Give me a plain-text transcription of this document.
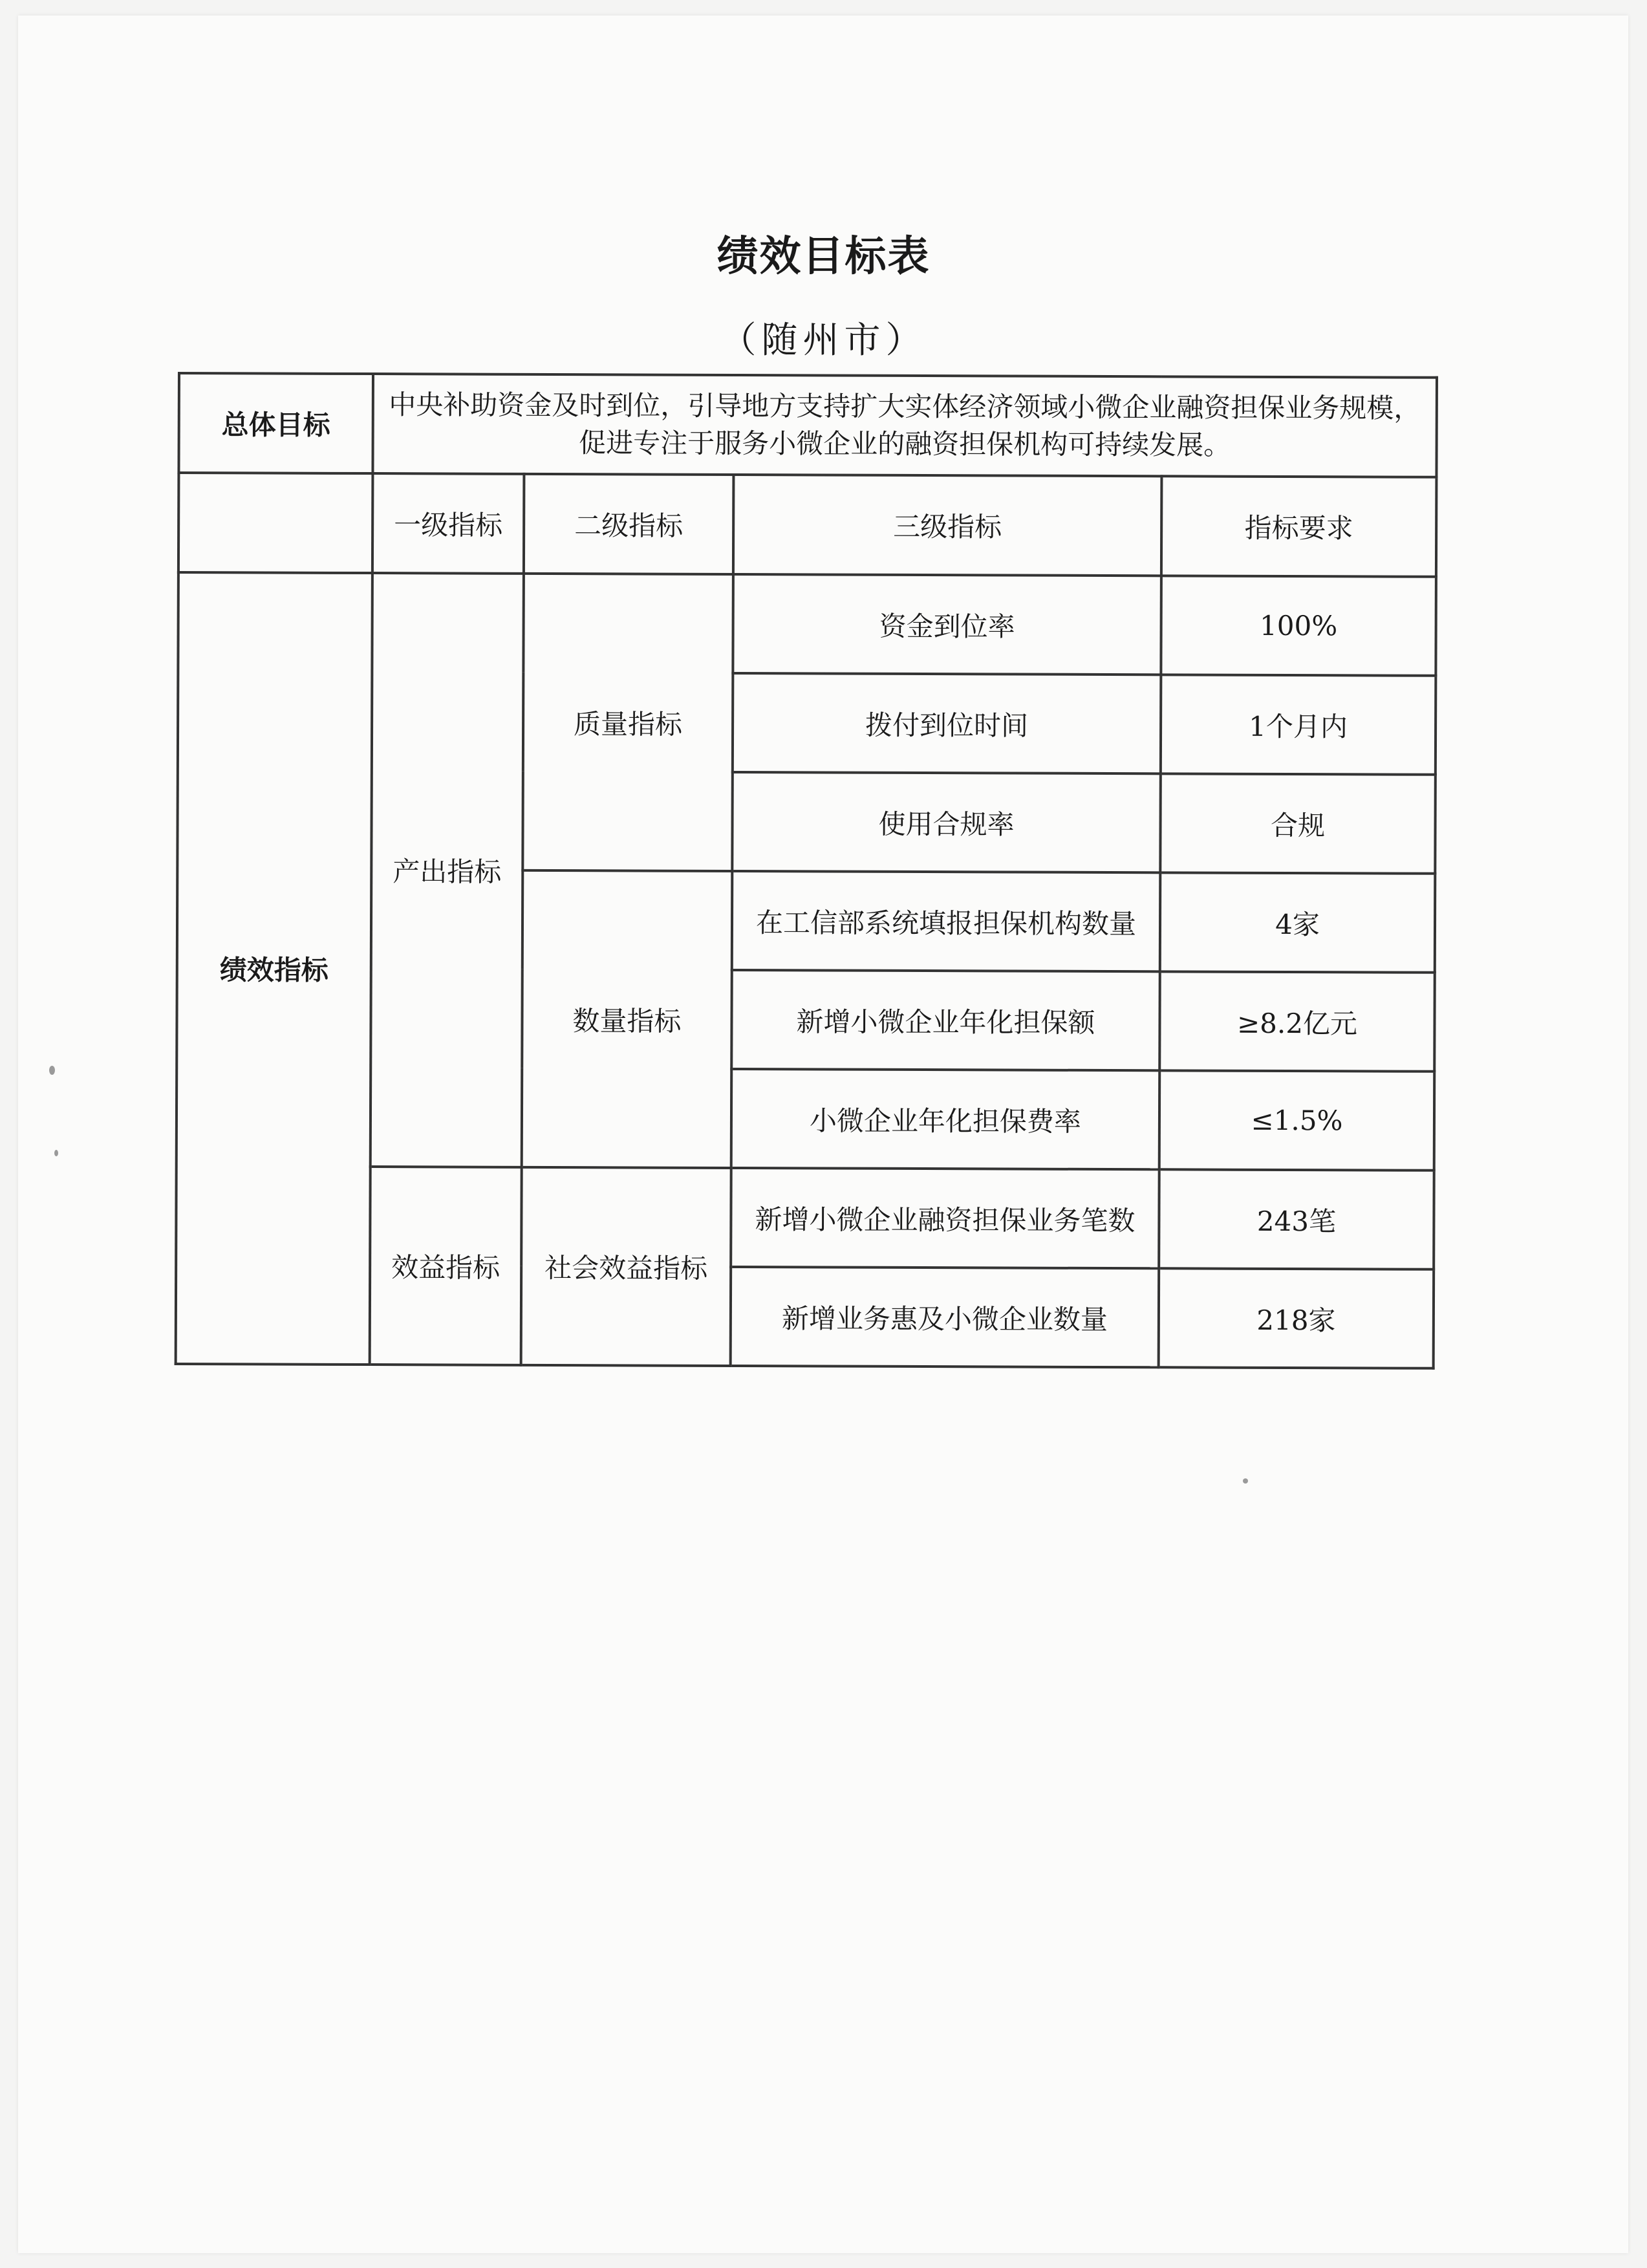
绩效目标表
（随州市）
总体目标	中央补助资金及时到位，引导地方支持扩大实体经济领域小微企业融资担保业务规模，促进专注于服务小微企业的融资担保机构可持续发展。			
	一级指标	二级指标	三级指标	指标要求
绩效指标	产出指标	质量指标	资金到位率	100%
			拨付到位时间	1个月内
			使用合规率	合规
		数量指标	在工信部系统填报担保机构数量	4家
			新增小微企业年化担保额	≥8.2亿元
			小微企业年化担保费率	≤1.5%
	效益指标	社会效益指标	新增小微企业融资担保业务笔数	243笔
			新增业务惠及小微企业数量	218家
